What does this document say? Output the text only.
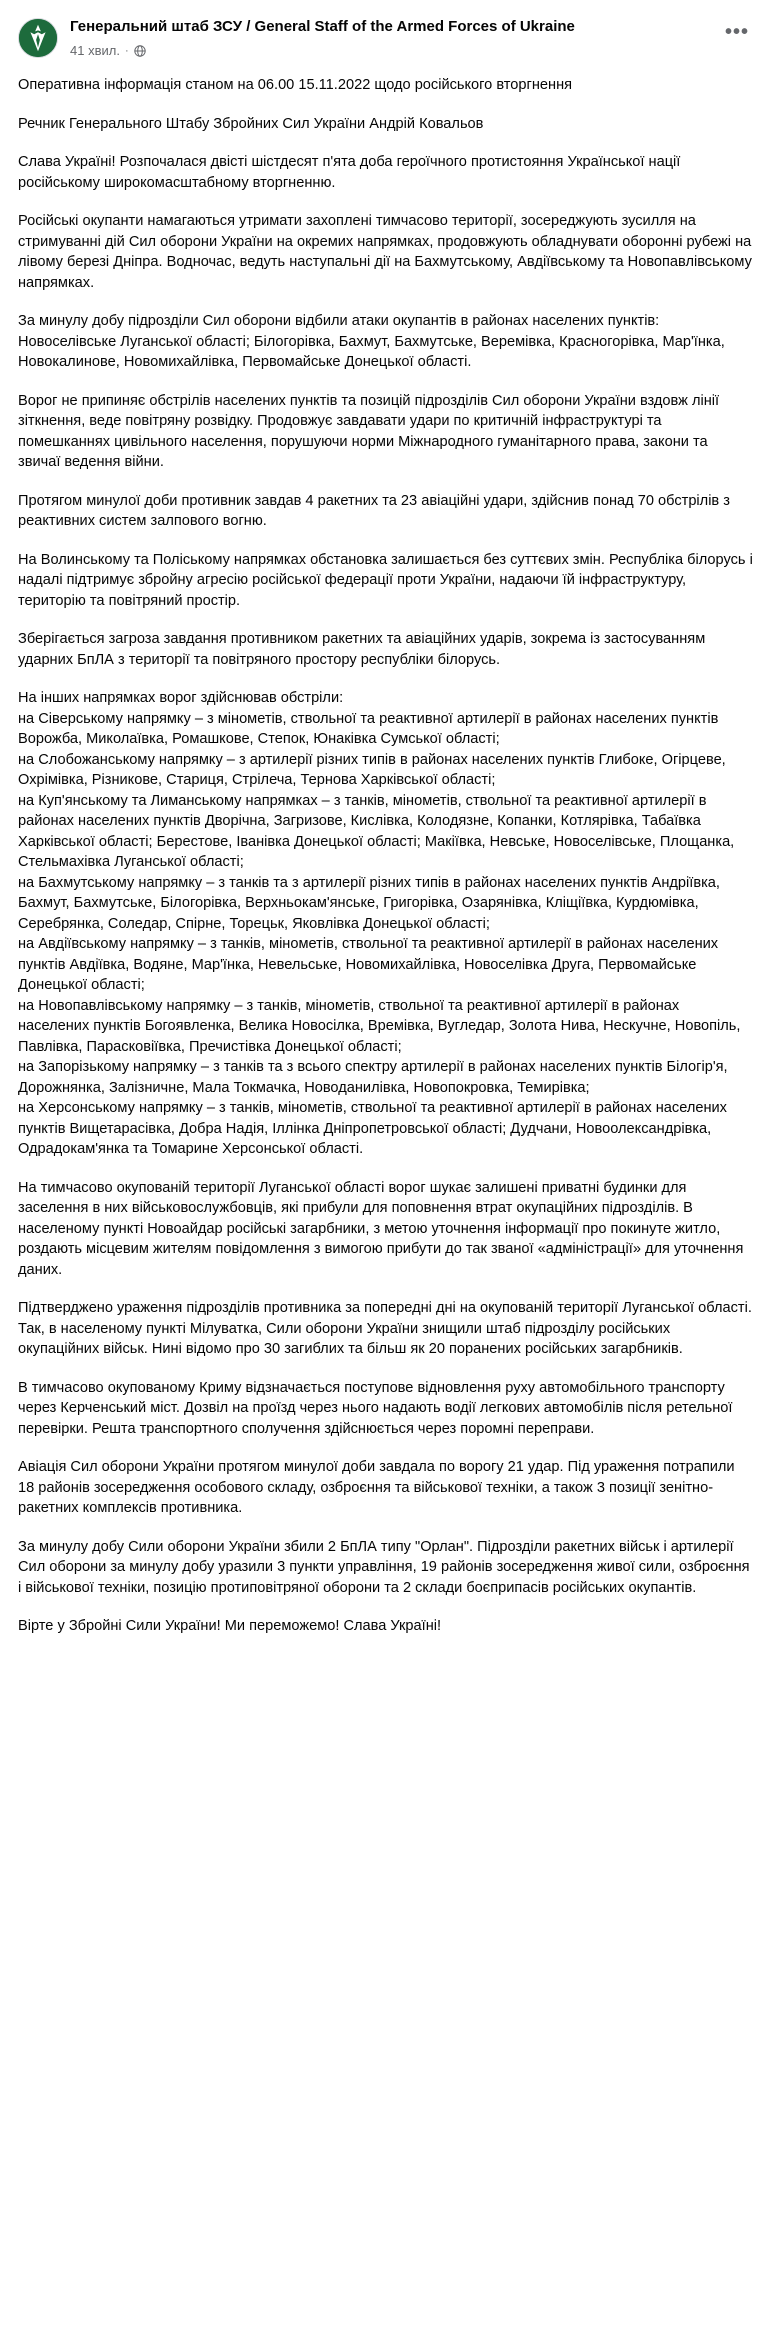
Генеральний штаб ЗСУ / General Staff of the Armed Forces of Ukraine
41 хвил. ·
•••

Оперативна інформація станом на 06.00 15.11.2022 щодо російського вторгнення

Речник Генерального Штабу Збройних Сил України Андрій Ковальов

Слава Україні! Розпочалася двісті шістдесят п'ята доба героїчного протистояння Української нації російському широкомасштабному вторгненню.

Російські окупанти намагаються утримати захоплені тимчасово території, зосереджують зусилля на стримуванні дій Сил оборони України на окремих напрямках, продовжують обладнувати оборонні рубежі на лівому березі Дніпра. Водночас, ведуть наступальні дії на Бахмутському, Авдіївському та Новопавлівському напрямках.

За минулу добу підрозділи Сил оборони відбили атаки окупантів в районах населених пунктів: Новоселівське Луганської області; Білогорівка, Бахмут, Бахмутське, Веремівка, Красногорівка, Мар'їнка, Новокалинове, Новомихайлівка, Первомайське Донецької області.

Ворог не припиняє обстрілів населених пунктів та позицій підрозділів Сил оборони України вздовж лінії зіткнення, веде повітряну розвідку. Продовжує завдавати удари по критичній інфраструктурі та помешканнях цивільного населення, порушуючи норми Міжнародного гуманітарного права, закони та звичаї ведення війни.

Протягом минулої доби противник завдав 4 ракетних та 23 авіаційні удари, здійснив понад 70 обстрілів з реактивних систем залпового вогню.

На Волинському та Поліському напрямках обстановка залишається без суттєвих змін. Республіка білорусь і надалі підтримує збройну агресію російської федерації проти України, надаючи їй інфраструктуру, територію та повітряний простір.

Зберігається загроза завдання противником ракетних та авіаційних ударів, зокрема із застосуванням ударних БпЛА з території та повітряного простору республіки білорусь.

На інших напрямках ворог здійснював обстріли:

на Сіверському напрямку – з мінометів, ствольної та реактивної артилерії в районах населених пунктів Ворожба, Миколаївка, Ромашкове, Степок, Юнаківка Сумської області;

на Слобожанському напрямку – з артилерії різних типів в районах населених пунктів Глибоке, Огірцеве, Охрімівка, Різникове, Стариця, Стрілеча, Тернова Харківської області;

на Куп'янському та Лиманському напрямках – з танків, мінометів, ствольної та реактивної артилерії в районах населених пунктів Дворічна, Загризове, Кислівка, Колодязне, Копанки, Котлярівка, Табаївка Харківської області; Берестове, Іванівка Донецької області; Макіївка, Невське, Новоселівське, Площанка, Стельмахівка Луганської області;

на Бахмутському напрямку – з танків та з артилерії різних типів в районах населених пунктів Андріївка, Бахмут, Бахмутське, Білогорівка, Верхньокам'янське, Григорівка, Озарянівка, Кліщіївка, Курдюмівка, Серебрянка, Соледар, Спірне, Торецьк, Яковлівка Донецької області;

на Авдіївському напрямку – з танків, мінометів, ствольної та реактивної артилерії в районах населених пунктів Авдіївка, Водяне, Мар'їнка, Невельське, Новомихайлівка, Новоселівка Друга, Первомайське Донецької області;

на Новопавлівському напрямку – з танків, мінометів, ствольної та реактивної артилерії в районах населених пунктів Богоявленка, Велика Новосілка, Времівка, Вугледар, Золота Нива, Нескучне, Новопіль, Павлівка, Парасковіївка, Пречистівка Донецької області;

на Запорізькому напрямку – з танків та з всього спектру артилерії в районах населених пунктів Білогір'я, Дорожнянка, Залізничне, Мала Токмачка, Новоданилівка, Новопокровка, Темирівка;

на Херсонському напрямку – з танків, мінометів, ствольної та реактивної артилерії в районах населених пунктів Вищетарасівка, Добра Надія, Іллінка Дніпропетровської області; Дудчани, Новоолександрівка, Одрадокам'янка та Томарине Херсонської області.

На тимчасово окупованій території Луганської області ворог шукає залишені приватні будинки для заселення в них військовослужбовців, які прибули для поповнення втрат окупаційних підрозділів. В населеному пункті Новоайдар російські загарбники, з метою уточнення інформації про покинуте житло, роздають місцевим жителям повідомлення з вимогою прибути до так званої «адміністрації» для уточнення даних.

Підтверджено ураження підрозділів противника за попередні дні на окупованій території Луганської області. Так, в населеному пункті Мілуватка, Сили оборони України знищили штаб підрозділу російських окупаційних військ. Нині відомо про 30 загиблих та більш як 20 поранених російських загарбників.

В тимчасово окупованому Криму відзначається поступове відновлення руху автомобільного транспорту через Керченський міст. Дозвіл на проїзд через нього надають водії легкових автомобілів після ретельної перевірки. Решта транспортного сполучення здійснюється через поромні переправи.

Авіація Сил оборони України протягом минулої доби завдала по ворогу 21 удар. Під ураження потрапили 18 районів зосередження особового складу, озброєння та військової техніки, а також 3 позиції зенітно-ракетних комплексів противника.

За минулу добу Сили оборони України збили 2 БпЛА типу "Орлан". Підрозділи ракетних військ і артилерії Сил оборони за минулу добу уразили 3 пункти управління, 19 районів зосередження живої сили, озброєння і військової техніки, позицію протиповітряної оборони та 2 склади боєприпасів російських окупантів.

Вірте у Збройні Сили України! Ми переможемо! Слава Україні!
